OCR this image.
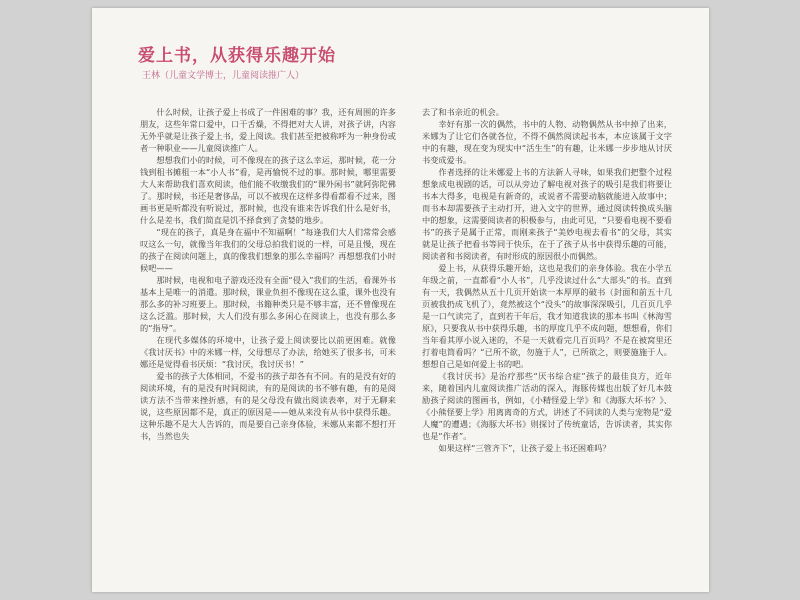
爱上书，从获得乐趣开始
王林（儿童文学博士，儿童阅读推广人）

什么时候，让孩子爱上书成了一件困难的事？我，还有周围的许多朋友，这些年常口爱中，口干舌燥，不得把对大人讲，对孩子讲，内容无外乎就是让孩子爱上书，爱上阅读。我们甚至把被称呼为一种身份或者一种职业——儿童阅读推广人。

想想我们小的时候，可不像现在的孩子这么幸运，那时候，花一分钱到租书摊租一本“小人书”看，是再愉悦不过的事。那时候，哪里需要大人来帮助我们喜欢阅读，他们能不收缴我们的“课外闲书”就阿弥陀佛了。那时候，书还是奢侈品，可以不被现在这样多得看都看不过来，图画书更是听都没有听说过，那时候，也没有谁来告诉我们什么是好书，什么是差书，我们简直是饥不择食到了贪婪的地步。

“现在的孩子，真是身在福中不知福啊！”每逢我们大人们常常会感叹这么一句，就像当年我们的父母总拍我们说的一样，可是且慢，现在的孩子在阅读问题上，真的像我们想象的那么幸福吗？再想想我们小时候吧——

那时候，电视和电子游戏还没有全面“侵入”我们的生活，看课外书基本上是唯一的消遣。那时候，课业负担不像现在这么重，课外也没有那么多的补习班要上。那时候，书籍种类只是不够丰富，还不曾像现在这么泛滥。那时候，大人们没有那么多闲心在阅读上，也没有那么多的“指导”。

在现代多媒体的环境中，让孩子爱上阅读要比以前更困难。就像《我讨厌书》中的米娜一样，父母想尽了办法，给她买了很多书，可米娜还是觉得看书厌烦：“我讨厌，我讨厌书！”

爱书的孩子大体相同，不爱书的孩子却各有不同。有的是没有好的阅读环境，有的是没有时间阅读，有的是阅读的书不够有趣，有的是阅读方法不当带来挫折感，有的是父母没有做出阅读表率，对于无聊来说，这些原因都不是，真正的原因是——她从来没有从书中获得乐趣。这种乐趣不是大人告诉的，而是要自己亲身体验，米娜从来都不想打开书，当然也失

去了和书亲近的机会。

幸好有那一次的偶然，书中的人物、动物偶然从书中掉了出来，米娜为了让它们各就各位，不得不偶然阅读起书本，本应该属于文字中的有趣，现在变为现实中“活生生”的有趣，让米娜一步步地从讨厌书变成爱书。

作者选择的让米娜爱上书的方法新人寻味，如果我们把整个过程想象成电视剧的话，可以从旁边了解电视对孩子的吸引是我们将要让书本大得多，电视是有新奇的，或说者不需要动脑就能进入故事中；而书本却需要孩子主动打开，进入文字的世界，通过阅读转换成头脑中的想象，这需要阅读者的积极参与，由此可见，“只要看电视不要看书”的孩子是属于正常，而刚来孩子“美妙电视去看书”的父母，其实就是让孩子把看书等同于快乐，在于了孩子从书中获得乐趣的可能，阅读者和书阅读者，有时形成的原因很小而偶然。

爱上书，从获得乐趣开始，这也是我们的亲身体验。我在小学五年级之前，一直都看“小人书”，几乎没读过什么“大部头”的书。直到有一天，我偶然从五十几页开始读一本厚厚的破书（封面和前五十几页被我扔成飞机了），竟然被这个“没头”的故事深深吸引，几百页几乎是一口气读完了，直到若干年后，我才知道我读的那本书叫《林海雪原》，只要我从书中获得乐趣，书的厚度几乎不成问题，想想看，你们当年看其厚小说入迷的，不是一天就看完几百页吗？不是在被窝里还打着电筒看吗？“已所不欲，勿施于人”，已所欲之，则要施施于人。想想自己是如何爱上书的吧。

《我讨厌书》是治疗那些“厌书综合症”孩子的最佳良方，近年来，随着国内儿童阅读推广活动的深入，海豚传媒也出版了好几本鼓励孩子阅读的图画书，例如，《小精怪爱上学》和《海豚大坏书？》、《小熊怪要上学》用离离奇的方式，讲述了不同读的人类与宠物是“爱人魔”的遭遇；《海豚大坏书》则探讨了传统童话，告诉读者，其实你也是“作者”。

如果这样“三管齐下”，让孩子爱上书还困难吗？
